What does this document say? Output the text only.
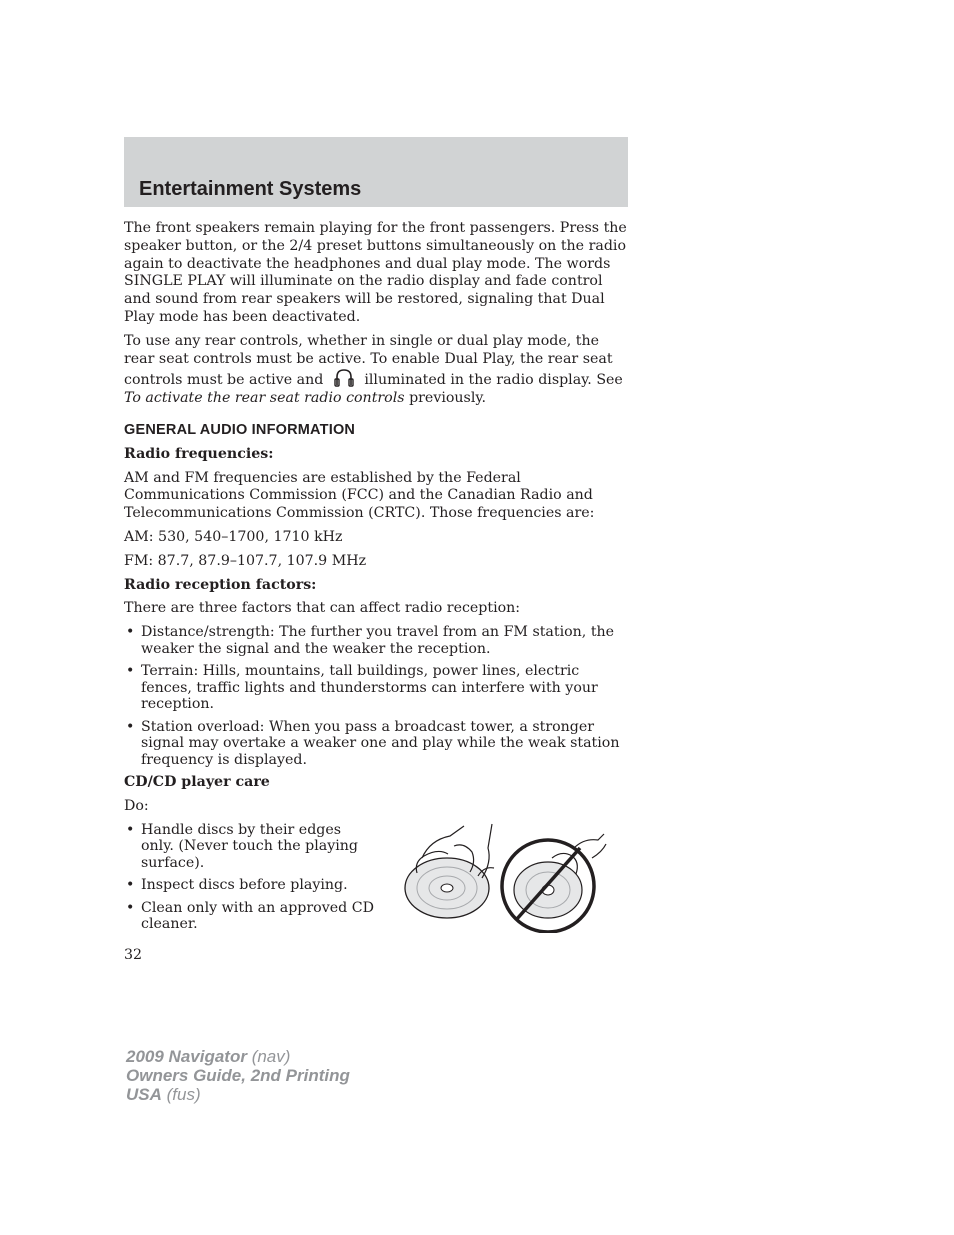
Entertainment Systems

The front speakers remain playing for the front passengers. Press the speaker button, or the 2/4 preset buttons simultaneously on the radio again to deactivate the headphones and dual play mode. The words SINGLE PLAY will illuminate on the radio display and fade control and sound from rear speakers will be restored, signaling that Dual Play mode has been deactivated.

To use any rear controls, whether in single or dual play mode, the rear seat controls must be active. To enable Dual Play, the rear seat controls must be active and	illuminated in the radio display. See To activate the rear seat radio controls previously.

GENERAL AUDIO INFORMATION

Radio frequencies:

AM and FM frequencies are established by the Federal Communications Commission (FCC) and the Canadian Radio and Telecommunications Commission (CRTC). Those frequencies are:

AM: 530, 540–1700, 1710 kHz

FM: 87.7, 87.9–107.7, 107.9 MHz

Radio reception factors:

There are three factors that can affect radio reception:

• Distance/strength: The further you travel from an FM station, the weaker the signal and the weaker the reception.
• Terrain: Hills, mountains, tall buildings, power lines, electric fences, traffic lights and thunderstorms can interfere with your reception.
• Station overload: When you pass a broadcast tower, a stronger signal may overtake a weaker one and play while the weak station frequency is displayed.

CD/CD player care

Do:

• Handle discs by their edges only. (Never touch the playing surface).
• Inspect discs before playing.
• Clean only with an approved CD cleaner.
32
2009 Navigator (nav)
Owners Guide, 2nd Printing
USA (fus)
